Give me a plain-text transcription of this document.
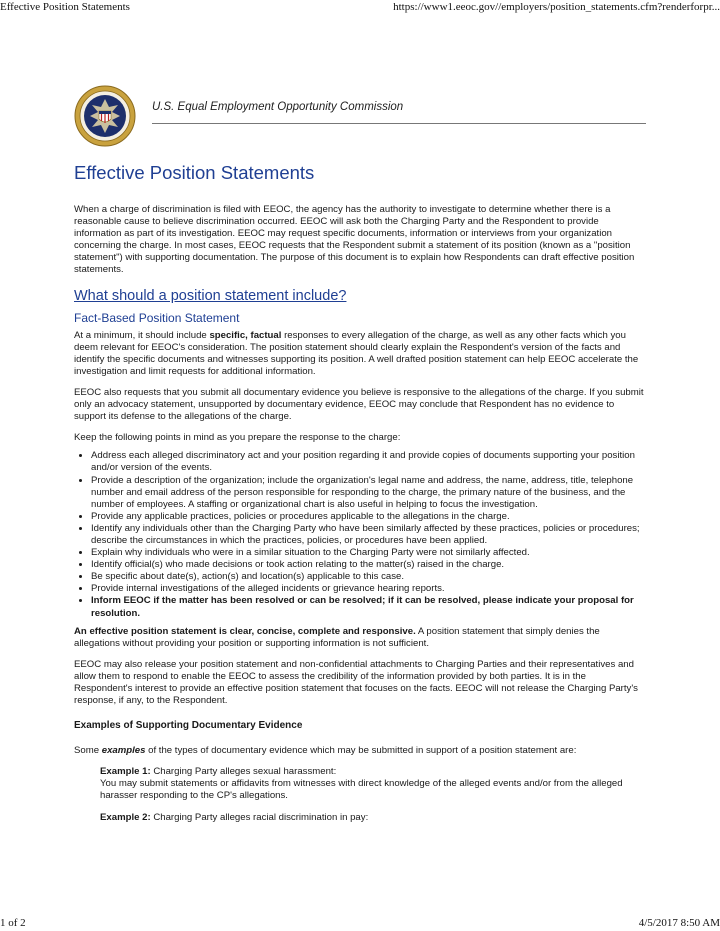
Effective Position Statements	https://www1.eeoc.gov//employers/position_statements.cfm?renderforpr...
U.S. Equal Employment Opportunity Commission
Effective Position Statements

When a charge of discrimination is filed with EEOC, the agency has the authority to investigate to determine whether there is a reasonable cause to believe discrimination occurred. EEOC will ask both the Charging Party and the Respondent to provide information as part of its investigation. EEOC may request specific documents, information or interviews from your organization concerning the charge. In most cases, EEOC requests that the Respondent submit a statement of its position (known as a "position statement") with supporting documentation. The purpose of this document is to explain how Respondents can draft effective position statements.

What should a position statement include?
Fact-Based Position Statement

At a minimum, it should include specific, factual responses to every allegation of the charge, as well as any other facts which you deem relevant for EEOC's consideration. The position statement should clearly explain the Respondent's version of the facts and identify the specific documents and witnesses supporting its position. A well drafted position statement can help EEOC accelerate the investigation and limit requests for additional information.

EEOC also requests that you submit all documentary evidence you believe is responsive to the allegations of the charge. If you submit only an advocacy statement, unsupported by documentary evidence, EEOC may conclude that Respondent has no evidence to support its defense to the allegations of the charge.

Keep the following points in mind as you prepare the response to the charge:

• Address each alleged discriminatory act and your position regarding it and provide copies of documents supporting your position and/or version of the events.
• Provide a description of the organization; include the organization's legal name and address, the name, address, title, telephone number and email address of the person responsible for responding to the charge, the primary nature of the business, and the number of employees. A staffing or organizational chart is also useful in helping to focus the investigation.
• Provide any applicable practices, policies or procedures applicable to the allegations in the charge.
• Identify any individuals other than the Charging Party who have been similarly affected by these practices, policies or procedures; describe the circumstances in which the practices, policies, or procedures have been applied.
• Explain why individuals who were in a similar situation to the Charging Party were not similarly affected.
• Identify official(s) who made decisions or took action relating to the matter(s) raised in the charge.
• Be specific about date(s), action(s) and location(s) applicable to this case.
• Provide internal investigations of the alleged incidents or grievance hearing reports.
• Inform EEOC if the matter has been resolved or can be resolved; if it can be resolved, please indicate your proposal for resolution.

An effective position statement is clear, concise, complete and responsive. A position statement that simply denies the allegations without providing your position or supporting information is not sufficient.

EEOC may also release your position statement and non-confidential attachments to Charging Parties and their representatives and allow them to respond to enable the EEOC to assess the credibility of the information provided by both parties. It is in the Respondent's interest to provide an effective position statement that focuses on the facts. EEOC will not release the Charging Party's response, if any, to the Respondent.

Examples of Supporting Documentary Evidence

Some examples of the types of documentary evidence which may be submitted in support of a position statement are:

Example 1: Charging Party alleges sexual harassment:
You may submit statements or affidavits from witnesses with direct knowledge of the alleged events and/or from the alleged harasser responding to the CP's allegations.

Example 2: Charging Party alleges racial discrimination in pay:

1 of 2	4/5/2017 8:50 AM
